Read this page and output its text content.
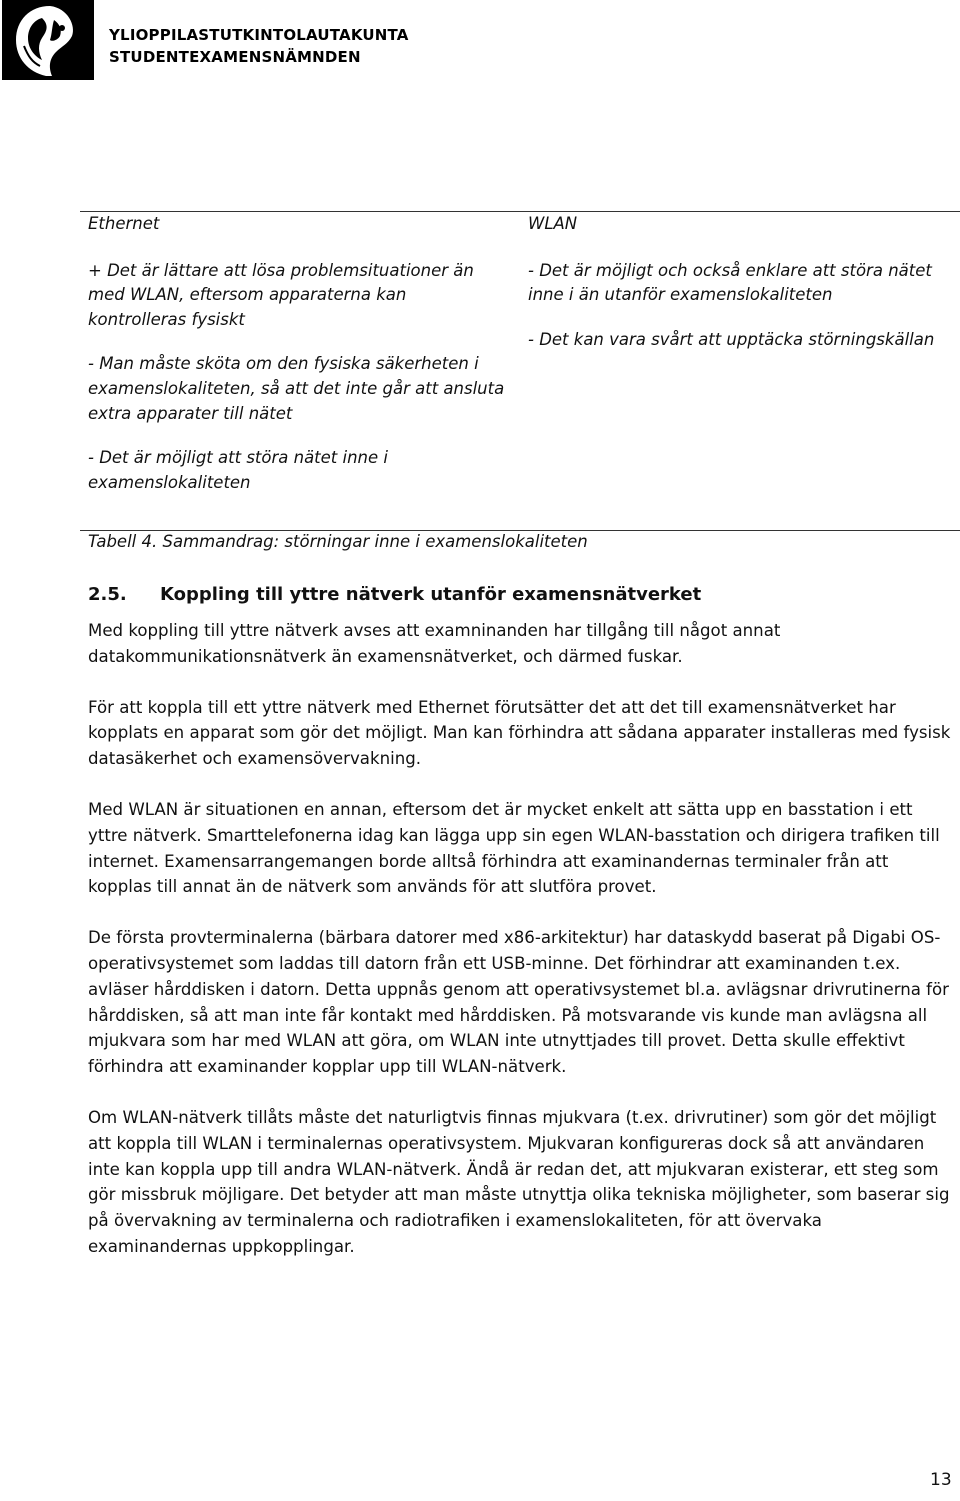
YLIOPPILASTUTKINTOLAUTAKUNTA
STUDENTEXAMENSNÄMNDEN

Ethernet

+ Det är lättare att lösa problemsituationer än med WLAN, eftersom apparaterna kan kontrolleras fysiskt

- Man måste sköta om den fysiska säkerheten i examenslokaliteten, så att det inte går att ansluta extra apparater till nätet

- Det är möjligt att störa nätet inne i examenslokaliteten

WLAN

- Det är möjligt och också enklare att störa nätet inne i än utanför examenslokaliteten

- Det kan vara svårt att upptäcka störningskällan

Tabell 4. Sammandrag: störningar inne i examenslokaliteten
2.5. Koppling till yttre nätverk utanför examensnätverket

Med koppling till yttre nätverk avses att examninanden har tillgång till något annat datakommunikationsnätverk än examensnätverket, och därmed fuskar.

För att koppla till ett yttre nätverk med Ethernet förutsätter det att det till examensnätverket har kopplats en apparat som gör det möjligt. Man kan förhindra att sådana apparater installeras med fysisk datasäkerhet och examensövervakning.

Med WLAN är situationen en annan, eftersom det är mycket enkelt att sätta upp en basstation i ett yttre nätverk. Smarttelefonerna idag kan lägga upp sin egen WLAN-basstation och dirigera trafiken till internet. Examensarrangemangen borde alltså förhindra att examinandernas terminaler från att kopplas till annat än de nätverk som används för att slutföra provet.

De första provterminalerna (bärbara datorer med x86-arkitektur) har dataskydd baserat på Digabi OS-operativsystemet som laddas till datorn från ett USB-minne. Det förhindrar att examinanden t.ex. avläser hårddisken i datorn. Detta uppnås genom att operativsystemet bl.a. avlägsnar drivrutinerna för hårddisken, så att man inte får kontakt med hårddisken. På motsvarande vis kunde man avlägsna all mjukvara som har med WLAN att göra, om WLAN inte utnyttjades till provet. Detta skulle effektivt förhindra att examinander kopplar upp till WLAN-nätverk.

Om WLAN-nätverk tillåts måste det naturligtvis finnas mjukvara (t.ex. drivrutiner) som gör det möjligt att koppla till WLAN i terminalernas operativsystem. Mjukvaran konfigureras dock så att användaren inte kan koppla upp till andra WLAN-nätverk. Ändå är redan det, att mjukvaran existerar, ett steg som gör missbruk möjligare. Det betyder att man måste utnyttja olika tekniska möjligheter, som baserar sig på övervakning av terminalerna och radiotrafiken i examenslokaliteten, för att övervaka examinandernas uppkopplingar.

13
